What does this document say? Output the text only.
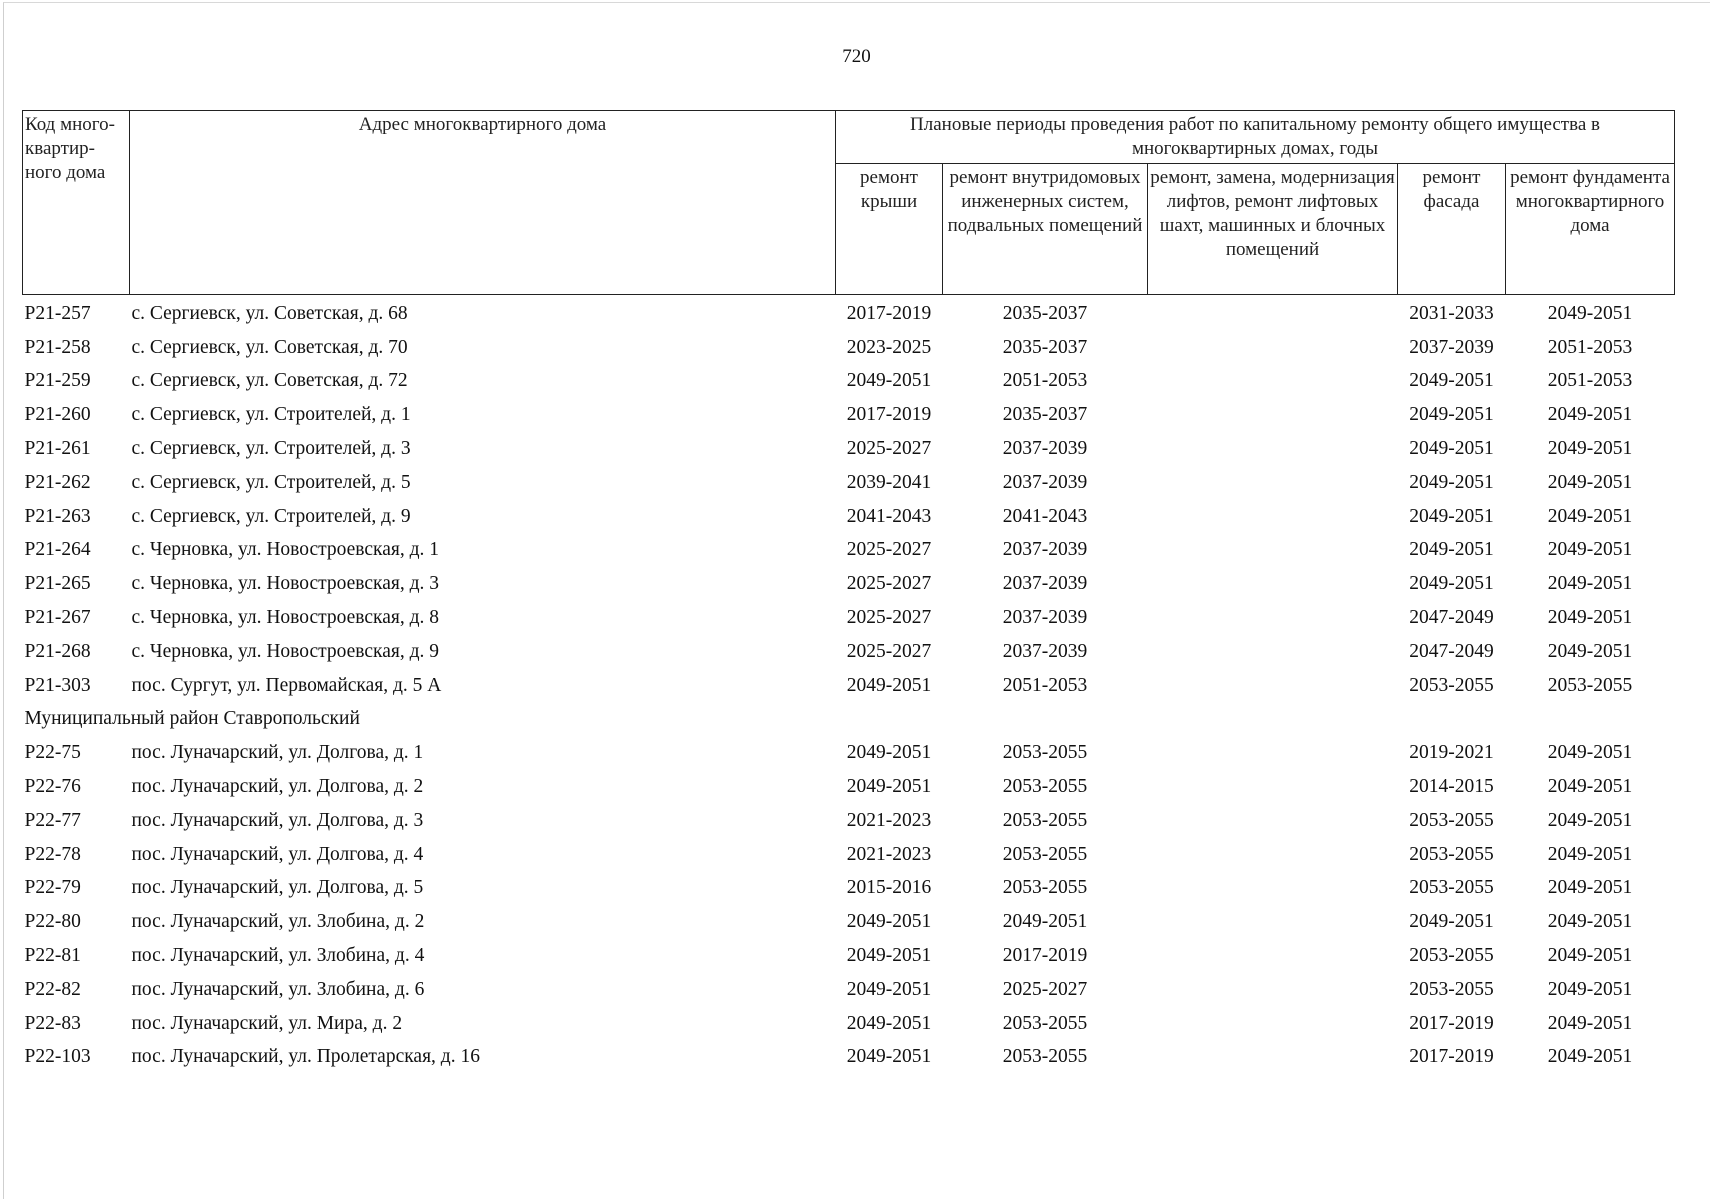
720
Код много-квартир-ного дома	Адрес многоквартирного дома	Плановые периоды проведения работ по капитальному ремонту общего имущества в многоквартирных домах, годы				
		ремонт крыши	ремонт внутридомовых инженерных систем, подвальных помещений	ремонт, замена, модернизация лифтов, ремонт лифтовых шахт, машинных и блочных помещений	ремонт фасада	ремонт фундамента многоквартирного дома
Р21-257	с. Сергиевск, ул. Советская, д. 68	2017-2019	2035-2037		2031-2033	2049-2051
Р21-258	с. Сергиевск, ул. Советская, д. 70	2023-2025	2035-2037		2037-2039	2051-2053
Р21-259	с. Сергиевск, ул. Советская, д. 72	2049-2051	2051-2053		2049-2051	2051-2053
Р21-260	с. Сергиевск, ул. Строителей, д. 1	2017-2019	2035-2037		2049-2051	2049-2051
Р21-261	с. Сергиевск, ул. Строителей, д. 3	2025-2027	2037-2039		2049-2051	2049-2051
Р21-262	с. Сергиевск, ул. Строителей, д. 5	2039-2041	2037-2039		2049-2051	2049-2051
Р21-263	с. Сергиевск, ул. Строителей, д. 9	2041-2043	2041-2043		2049-2051	2049-2051
Р21-264	с. Черновка, ул. Новостроевская, д. 1	2025-2027	2037-2039		2049-2051	2049-2051
Р21-265	с. Черновка, ул. Новостроевская, д. 3	2025-2027	2037-2039		2049-2051	2049-2051
Р21-267	с. Черновка, ул. Новостроевская, д. 8	2025-2027	2037-2039		2047-2049	2049-2051
Р21-268	с. Черновка, ул. Новостроевская, д. 9	2025-2027	2037-2039		2047-2049	2049-2051
Р21-303	пос. Сургут, ул. Первомайская, д. 5 А	2049-2051	2051-2053		2053-2055	2053-2055
Муниципальный район Ставропольский						
Р22-75	пос. Луначарский, ул. Долгова, д. 1	2049-2051	2053-2055		2019-2021	2049-2051
Р22-76	пос. Луначарский, ул. Долгова, д. 2	2049-2051	2053-2055		2014-2015	2049-2051
Р22-77	пос. Луначарский, ул. Долгова, д. 3	2021-2023	2053-2055		2053-2055	2049-2051
Р22-78	пос. Луначарский, ул. Долгова, д. 4	2021-2023	2053-2055		2053-2055	2049-2051
Р22-79	пос. Луначарский, ул. Долгова, д. 5	2015-2016	2053-2055		2053-2055	2049-2051
Р22-80	пос. Луначарский, ул. Злобина, д. 2	2049-2051	2049-2051		2049-2051	2049-2051
Р22-81	пос. Луначарский, ул. Злобина, д. 4	2049-2051	2017-2019		2053-2055	2049-2051
Р22-82	пос. Луначарский, ул. Злобина, д. 6	2049-2051	2025-2027		2053-2055	2049-2051
Р22-83	пос. Луначарский, ул. Мира, д. 2	2049-2051	2053-2055		2017-2019	2049-2051
Р22-103	пос. Луначарский, ул. Пролетарская, д. 16	2049-2051	2053-2055		2017-2019	2049-2051
